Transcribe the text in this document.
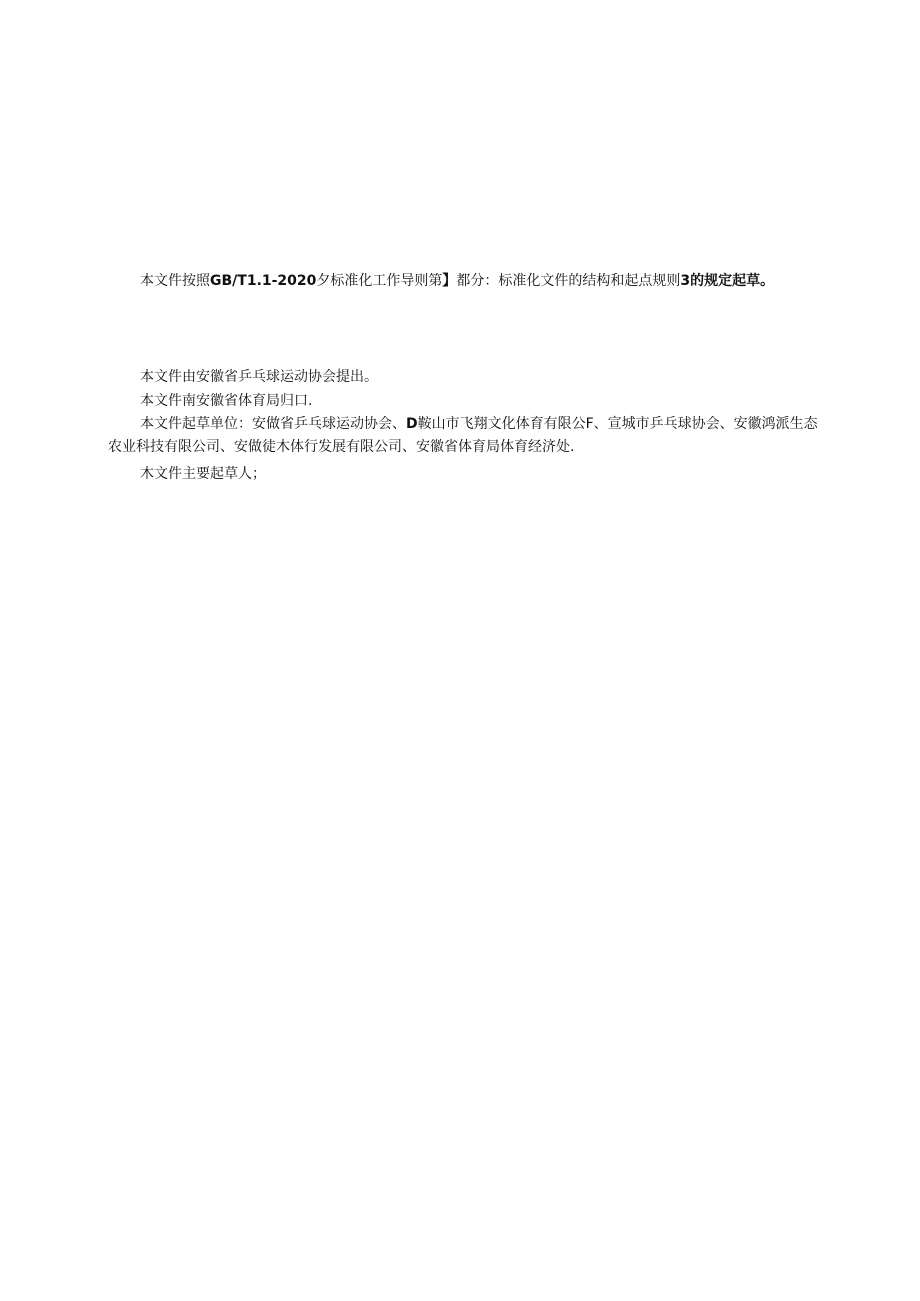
本文件按照GB/T1.1-2020夕标准化工作导则第】都分：标准化文件的结构和起点规则3的规定起草。

本文件由安徽省乒乓球运动协会提出。

本文件南安徽省体育局归口.

本文件起草单位：安做省乒乓球运动协会、D鞍山市飞翔文化体育有限公F、宣城市乒乓球协会、安徽鸿派生态农业科技有限公司、安做徒木体行发展有限公司、安徽省体育局体育经济处.

木文件主要起草人；
